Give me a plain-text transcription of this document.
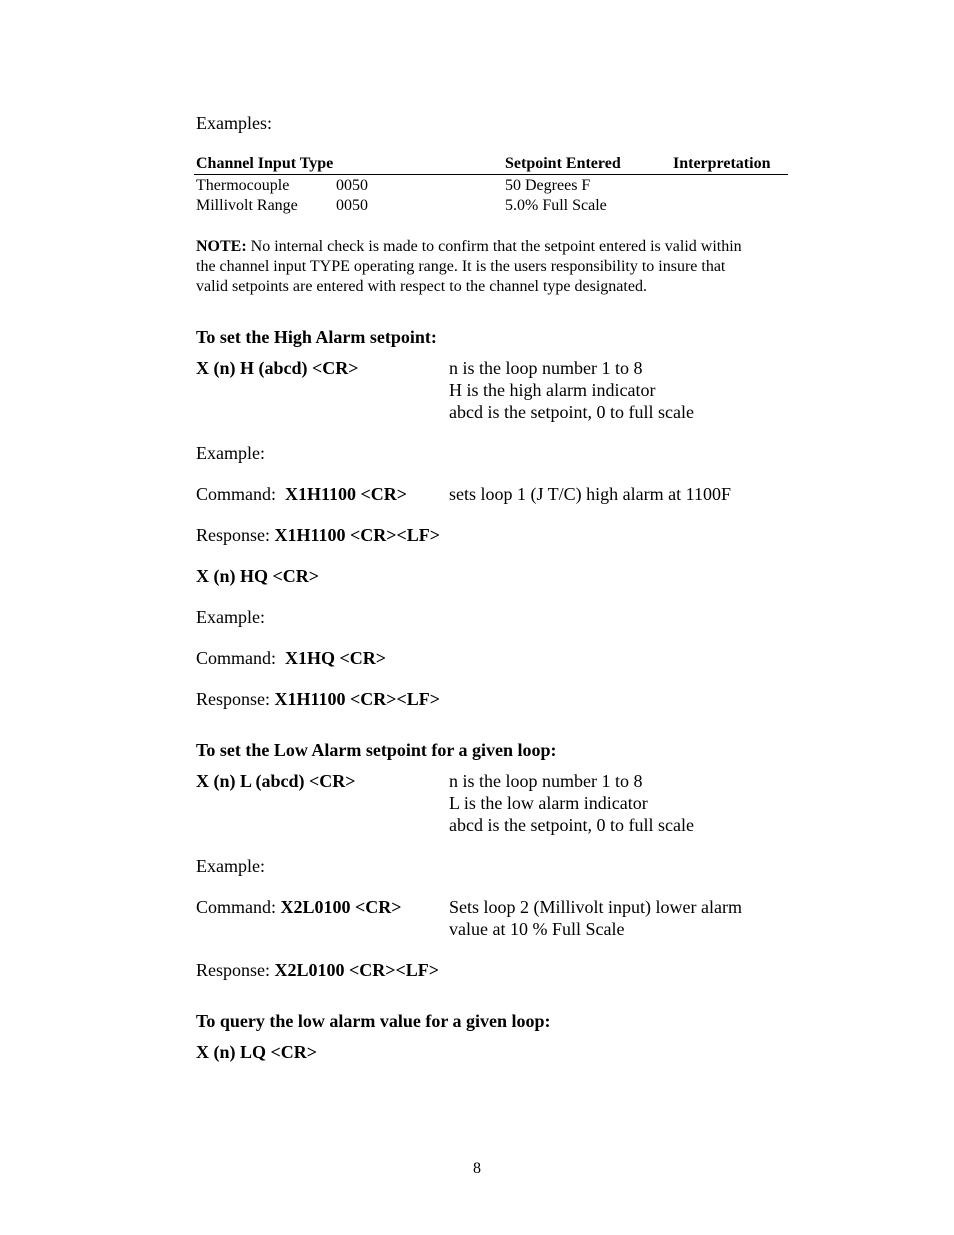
Examples:
Channel Input Type	Setpoint Entered	Interpretation
Thermocouple	0050	50 Degrees F
Millivolt Range 0050	5.0% Full Scale
NOTE: No internal check is made to confirm that the setpoint entered is valid within
the channel input TYPE operating range. It is the users responsibility to insure that
valid setpoints are entered with respect to the channel type designated.
To set the High Alarm setpoint:
X (n) H (abcd) <CR>	n is the loop number 1 to 8
H is the high alarm indicator
abcd is the setpoint, 0 to full scale
Example:
Command: X1H1100 <CR> sets loop 1 (J T/C) high alarm at 1100F
Response: X1H1100 <CR><LF>
X (n) HQ <CR>
Example:
Command: X1HQ <CR>
Response: X1H1100 <CR><LF>
To set the Low Alarm setpoint for a given loop:
X (n) L (abcd) <CR>	n is the loop number 1 to 8
L is the low alarm indicator
abcd is the setpoint, 0 to full scale
Example:
Command: X2L0100 <CR>	Sets loop 2 (Millivolt input) lower alarm
value at 10 % Full Scale
Response: X2L0100 <CR><LF>
To query the low alarm value for a given loop:
X (n) LQ <CR>
8
